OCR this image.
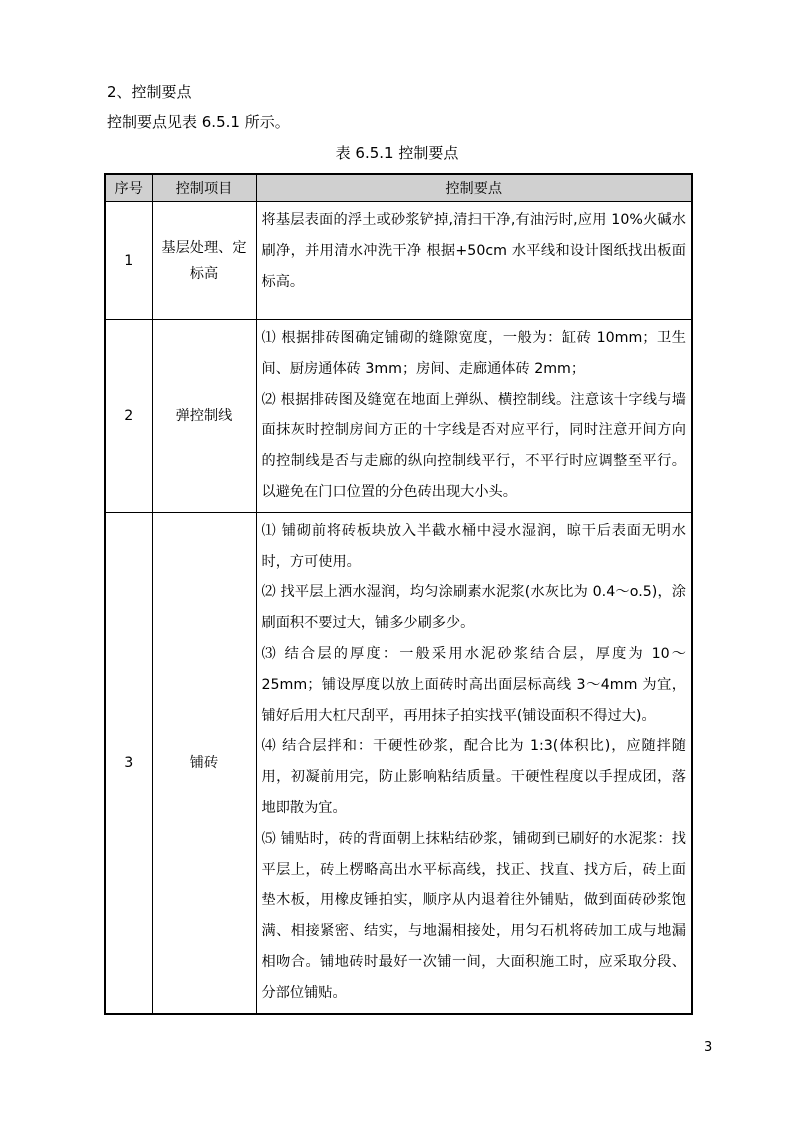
2、控制要点
控制要点见表 6.5.1 所示。
表 6.5.1 控制要点
序号	控制项目	控制要点
1	基层处理、定标高	将基层表面的浮土或砂浆铲掉,清扫干净,有油污时,应用 10%火碱水刷净，并用清水冲洗干净 根据+50cm 水平线和设计图纸找出板面标高。

2	弹控制线	⑴ 根据排砖图确定铺砌的缝隙宽度，一般为：缸砖 10mm；卫生间、厨房通体砖 3mm；房间、走廊通体砖 2mm；
⑵ 根据排砖图及缝宽在地面上弹纵、横控制线。注意该十字线与墙面抹灰时控制房间方正的十字线是否对应平行，同时注意开间方向的控制线是否与走廊的纵向控制线平行，不平行时应调整至平行。以避免在门口位置的分色砖出现大小头。

3	铺砖	⑴ 铺砌前将砖板块放入半截水桶中浸水湿润，晾干后表面无明水时，方可使用。
⑵ 找平层上洒水湿润，均匀涂刷素水泥浆(水灰比为 0.4～o.5)，涂刷面积不要过大，铺多少刷多少。
⑶ 结合层的厚度：一般采用水泥砂浆结合层，厚度为 10～25mm；铺设厚度以放上面砖时高出面层标高线 3～4mm 为宜，铺好后用大杠尺刮平，再用抹子拍实找平(铺设面积不得过大)。
⑷ 结合层拌和：干硬性砂浆，配合比为 1:3(体积比)，应随拌随用，初凝前用完，防止影响粘结质量。干硬性程度以手捏成团，落地即散为宜。
⑸ 铺贴时，砖的背面朝上抹粘结砂浆，铺砌到已刷好的水泥浆：找平层上，砖上楞略高出水平标高线，找正、找直、找方后，砖上面垫木板，用橡皮锤拍实，顺序从内退着往外铺贴，做到面砖砂浆饱满、相接紧密、结实，与地漏相接处，用匀石机将砖加工成与地漏相吻合。铺地砖时最好一次铺一间，大面积施工时，应采取分段、分部位铺贴。
3
